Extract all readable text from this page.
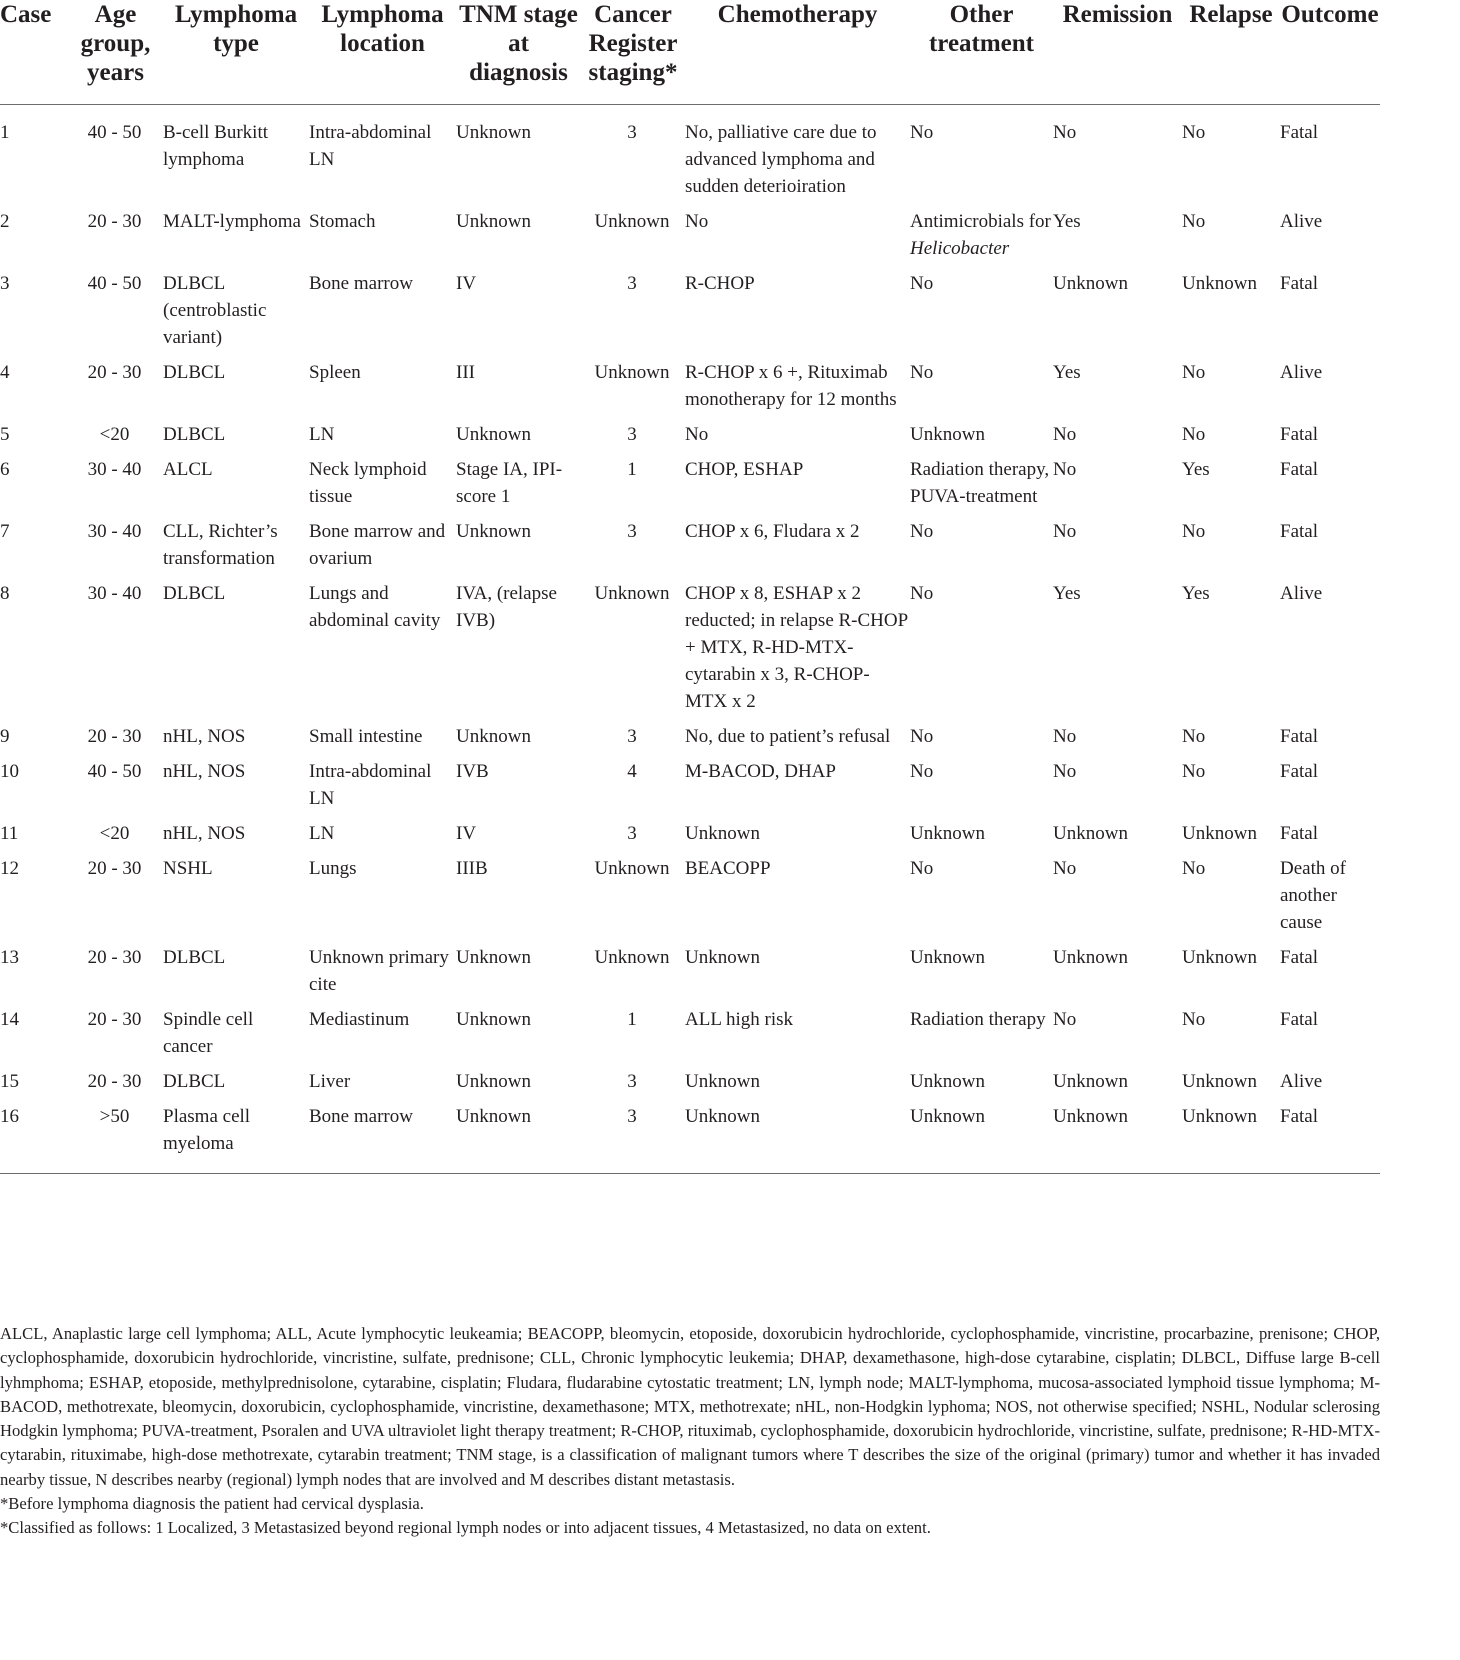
Case	Age group, years	Lymphoma type	Lymphoma location	TNM stage at diagnosis	Cancer Register staging*	Chemotherapy	Other treatment	Remission	Relapse	Outcome
1	40 - 50	B-cell Burkitt lymphoma	Intra-abdominal LN	Unknown	3	No, palliative care due to advanced lymphoma and sudden deterioiration	No	No	No	Fatal
2	20 - 30	MALT-lymphoma	Stomach	Unknown	Unknown	No	Antimicrobials for Helicobacter	Yes	No	Alive
3	40 - 50	DLBCL (centroblastic variant)	Bone marrow	IV	3	R-CHOP	No	Unknown	Unknown	Fatal
4	20 - 30	DLBCL	Spleen	III	Unknown	R-CHOP x 6 +, Rituximab monotherapy for 12 months	No	Yes	No	Alive
5	<20	DLBCL	LN	Unknown	3	No	Unknown	No	No	Fatal
6	30 - 40	ALCL	Neck lymphoid tissue	Stage IA, IPI-score 1	1	CHOP, ESHAP	Radiation therapy, PUVA-treatment	No	Yes	Fatal
7	30 - 40	CLL, Richter’s transformation	Bone marrow and ovarium	Unknown	3	CHOP x 6, Fludara x 2	No	No	No	Fatal
8	30 - 40	DLBCL	Lungs and abdominal cavity	IVA, (relapse IVB)	Unknown	CHOP x 8, ESHAP x 2 reducted; in relapse R-CHOP + MTX, R-HD-MTX-cytarabin x 3, R-CHOP-MTX x 2	No	Yes	Yes	Alive
9	20 - 30	nHL, NOS	Small intestine	Unknown	3	No, due to patient’s refusal	No	No	No	Fatal
10	40 - 50	nHL, NOS	Intra-abdominal LN	IVB	4	M-BACOD, DHAP	No	No	No	Fatal
11	<20	nHL, NOS	LN	IV	3	Unknown	Unknown	Unknown	Unknown	Fatal
12	20 - 30	NSHL	Lungs	IIIB	Unknown	BEACOPP	No	No	No	Death of another cause
13	20 - 30	DLBCL	Unknown primary cite	Unknown	Unknown	Unknown	Unknown	Unknown	Unknown	Fatal
14	20 - 30	Spindle cell cancer	Mediastinum	Unknown	1	ALL high risk	Radiation therapy	No	No	Fatal
15	20 - 30	DLBCL	Liver	Unknown	3	Unknown	Unknown	Unknown	Unknown	Alive
16	>50	Plasma cell myeloma	Bone marrow	Unknown	3	Unknown	Unknown	Unknown	Unknown	Fatal

ALCL, Anaplastic large cell lymphoma; ALL, Acute lymphocytic leukeamia; BEACOPP, bleomycin, etoposide, doxorubicin hydrochloride, cyclophosphamide, vincristine, procarbazine, prenisone; CHOP, cyclophosphamide, doxorubicin hydrochloride, vincristine, sulfate, prednisone; CLL, Chronic lymphocytic leukemia; DHAP, dexamethasone, high-dose cytarabine, cisplatin; DLBCL, Diffuse large B-cell lyhmphoma; ESHAP, etoposide, methylprednisolone, cytarabine, cisplatin; Fludara, fludarabine cytostatic treatment; LN, lymph node; MALT-lymphoma, mucosa-associated lymphoid tissue lymphoma; M-BACOD, methotrexate, bleomycin, doxorubicin, cyclophosphamide, vincristine, dexamethasone; MTX, methotrexate; nHL, non-Hodgkin lyphoma; NOS, not otherwise specified; NSHL, Nodular sclerosing Hodgkin lymphoma; PUVA-treatment, Psoralen and UVA ultraviolet light therapy treatment; R-CHOP, rituximab, cyclophosphamide, doxorubicin hydrochloride, vincristine, sulfate, prednisone; R-HD-MTX-cytarabin, rituximabe, high-dose methotrexate, cytarabin treatment; TNM stage, is a classification of malignant tumors where T describes the size of the original (primary) tumor and whether it has invaded nearby tissue, N describes nearby (regional) lymph nodes that are involved and M describes distant metastasis.

*Before lymphoma diagnosis the patient had cervical dysplasia.

*Classified as follows: 1 Localized, 3 Metastasized beyond regional lymph nodes or into adjacent tissues, 4 Metastasized, no data on extent.
